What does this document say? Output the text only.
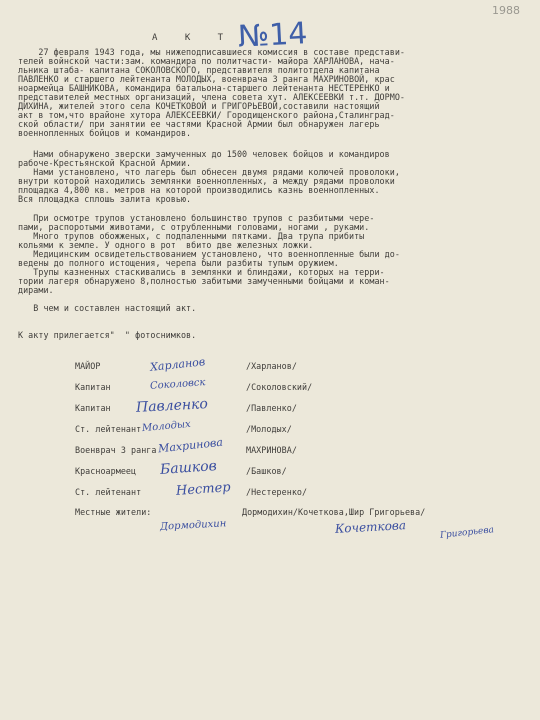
1988
А К Т №14
27 февраля 1943 года, мы нижеподписавшиеся комиссия в составе представи-
телей войнской части:зам. командира по политчасти- майора ХАРЛАНОВА, нача-
льника штаба- капитана СОКОЛОВСКОГО, представителя политотдела капитана
ПАВЛЕНКО и старшего лейтенанта МОЛОДЫХ, военврача 3 ранга МАХРИНОВОЙ, крас
ноармейца БАШНИКОВА, командира батальона-старшего лейтенанта НЕСТЕРЕНКО и
представителей местных организаций, члена совета хут. АЛЕКСЕЕВКИ т.т. ДОРМО-
ДИХИНА, жителей этого села КОЧЕТКОВОЙ и ГРИГОРЬЕВОЙ,составили настоящий
акт в том,что врайоне хутора АЛЕКСЕЕВКИ/ Городищенского района,Сталинград-
ской области/ при занятии ее частями Красной Армии был обнаружен лагерь
военнопленных бойцов и командиров.
Нами обнаружено зверски замученных до 1500 человек бойцов и командиров
рабоче-Крестьянской Красной Армии.
Нами установлено, что лагерь был обнесен двумя рядами колючей проволоки,
внутри которой находились землянки военнопленных, а между рядами проволоки
площадка 4,800 кв. метров на которой производились казнь военнопленных.
Вся площадка сплошь залита кровью.
При осмотре трупов установлено большинство трупов с разбитыми чере-
пами, распоротыми животами, с отрубленными головами, ногами , руками.
Много трупов обожженых, с подпаленными пятками. Два трупа прибиты
кольями к земле. У одного в рот  вбито две железных ложки.
Медицинским освидетельствованием установлено, что военнопленные были до-
ведены до полного истощения, черепа были разбиты тупым оружием.
Трупы казненных стаскивались в землянки и блиндажи, которых на терри-
тории лагеря обнаружено 8,полностью забитыми замученными бойцами и коман-
дирами.
В чем и составлен настоящий акт.
К акту прилегается"  " фотоснимков.
МАЙОР	Харланов	/Харланов/
Капитан	Соколовск	/Соколовский/
Капитан Павленко	/Павленко/
Ст. лейтенант Молодых	/Молодых/
Военврач 3 ранга Махринова	МАХРИНОВА/
Красноармеец Башков	/Башков/
Ст. лейтенант	Нестер /Нестеренко/
Местные жители:	Дормодихин/Кочеткова,Шир Григорьева/
Дормодихин	Кочеткова	Григорьева
